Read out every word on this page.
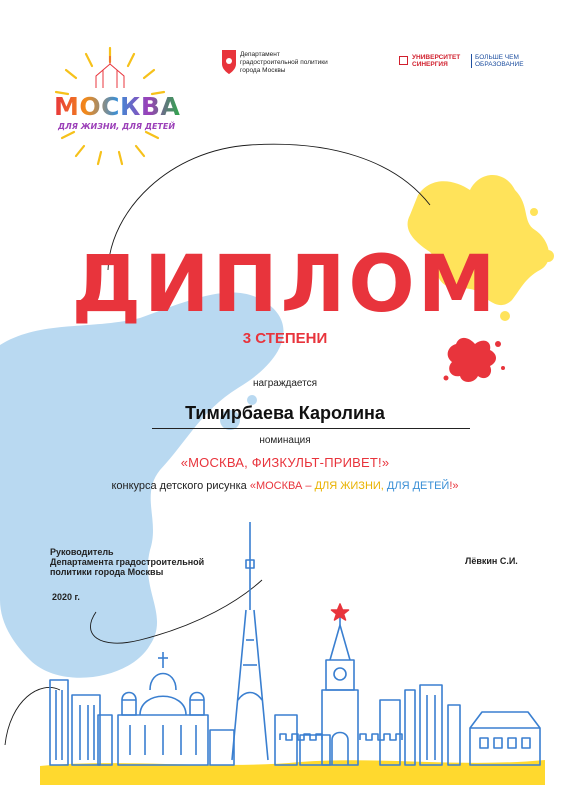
МОСКВА
ДЛЯ ЖИЗНИ, ДЛЯ ДЕТЕЙ
Департамент
градостроительной политики
города Москвы
УНИВЕРСИТЕТ
СИНЕРГИЯ
БОЛЬШЕ ЧЕМ
ОБРАЗОВАНИЕ
ДИПЛОМ
3 СТЕПЕНИ
награждается
Тимирбаева Каролина
номинация
«МОСКВА, ФИЗКУЛЬТ-ПРИВЕТ!»
конкурса детского рисунка «МОСКВА – ДЛЯ ЖИЗНИ, ДЛЯ ДЕТЕЙ!»
Руководитель
Департамента градостроительной
политики города Москвы
Лёвкин С.И.
2020 г.
